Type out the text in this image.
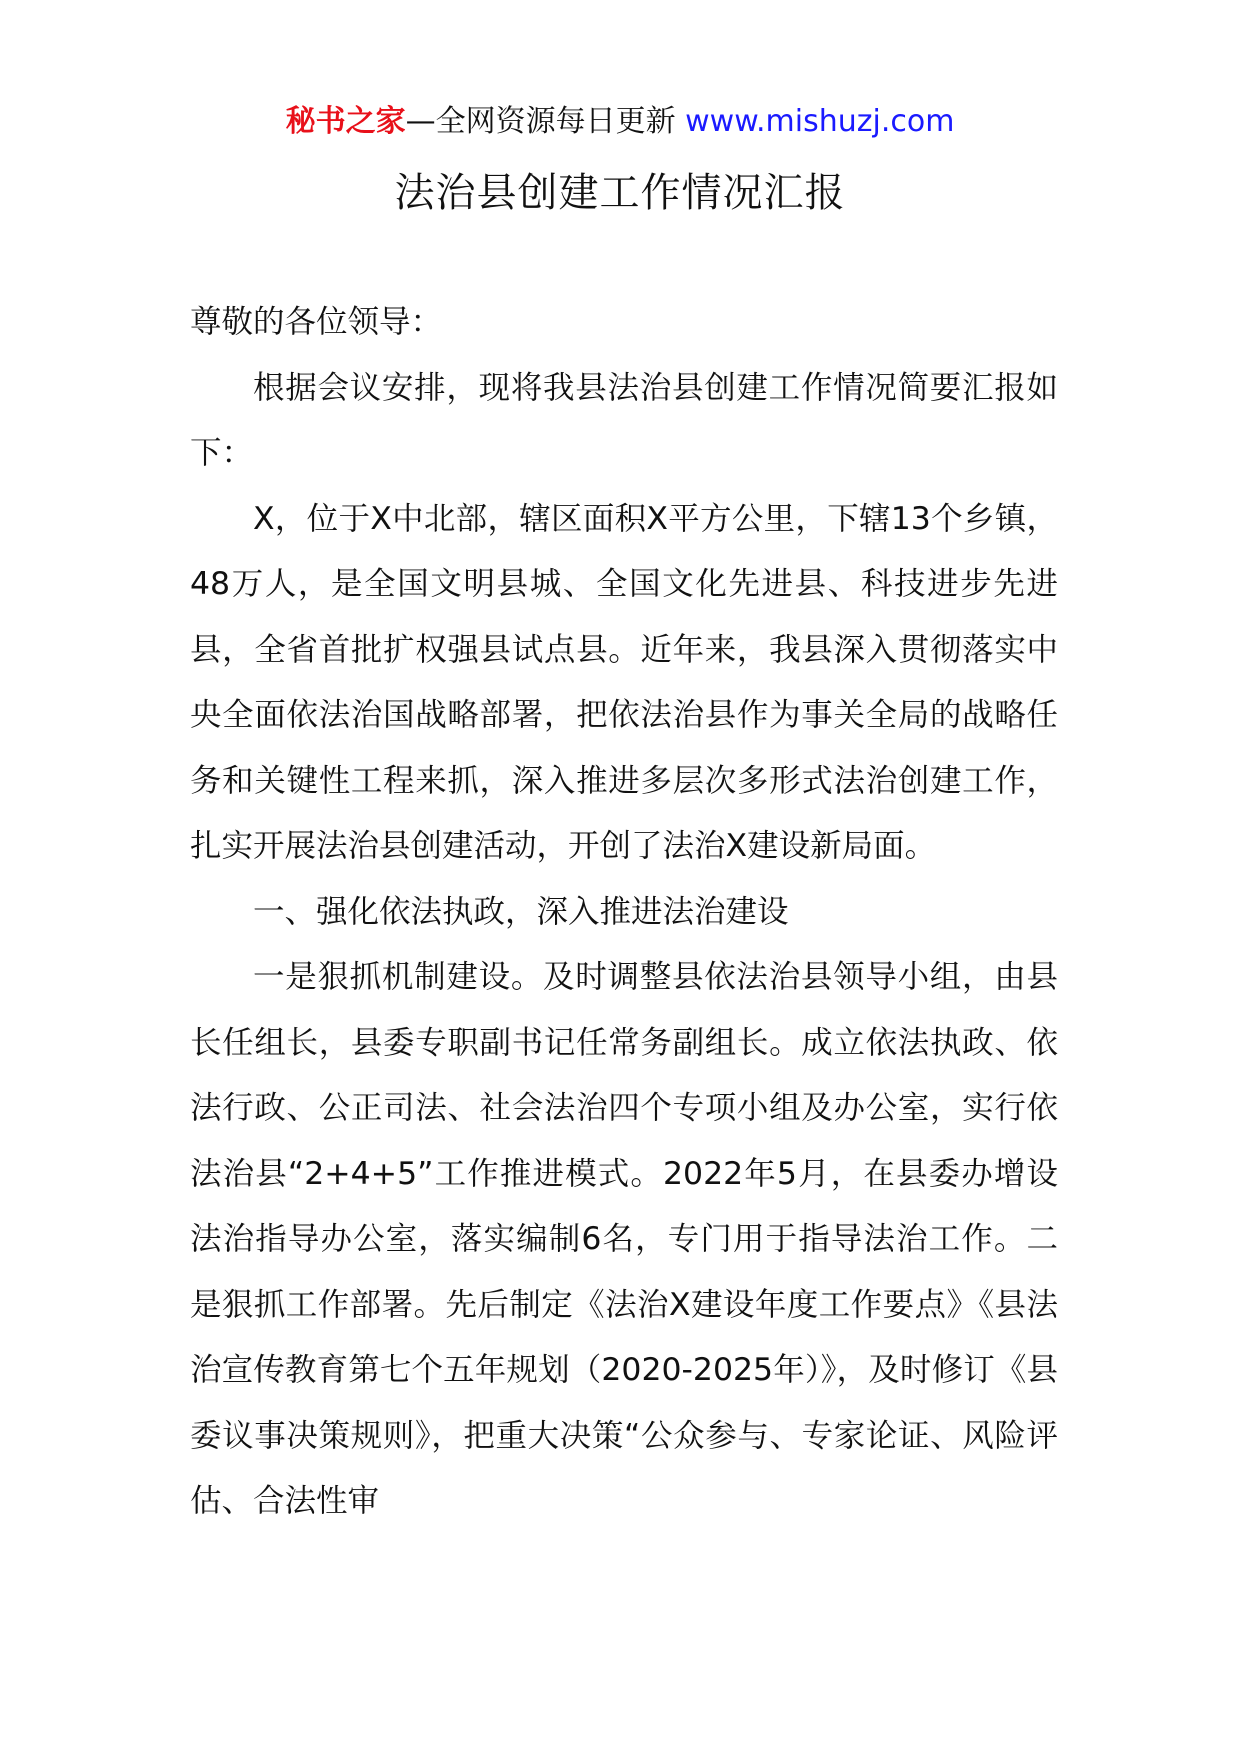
秘书之家—全网资源每日更新 www.mishuzj.com
法治县创建工作情况汇报

尊敬的各位领导：

根据会议安排，现将我县法治县创建工作情况简要汇报如下：

X，位于X中北部，辖区面积X平方公里，下辖13个乡镇，48万人，是全国文明县城、全国文化先进县、科技进步先进县，全省首批扩权强县试点县。近年来，我县深入贯彻落实中央全面依法治国战略部署，把依法治县作为事关全局的战略任务和关键性工程来抓，深入推进多层次多形式法治创建工作，扎实开展法治县创建活动，开创了法治X建设新局面。

一、强化依法执政，深入推进法治建设

一是狠抓机制建设。及时调整县依法治县领导小组，由县长任组长，县委专职副书记任常务副组长。成立依法执政、依法行政、公正司法、社会法治四个专项小组及办公室，实行依法治县“2+4+5”工作推进模式。2022年5月，在县委办增设法治指导办公室，落实编制6名，专门用于指导法治工作。二是狠抓工作部署。先后制定《法治X建设年度工作要点》《县法治宣传教育第七个五年规划（2020-2025年）》，及时修订《县委议事决策规则》，把重大决策“公众参与、专家论证、风险评估、合法性审
